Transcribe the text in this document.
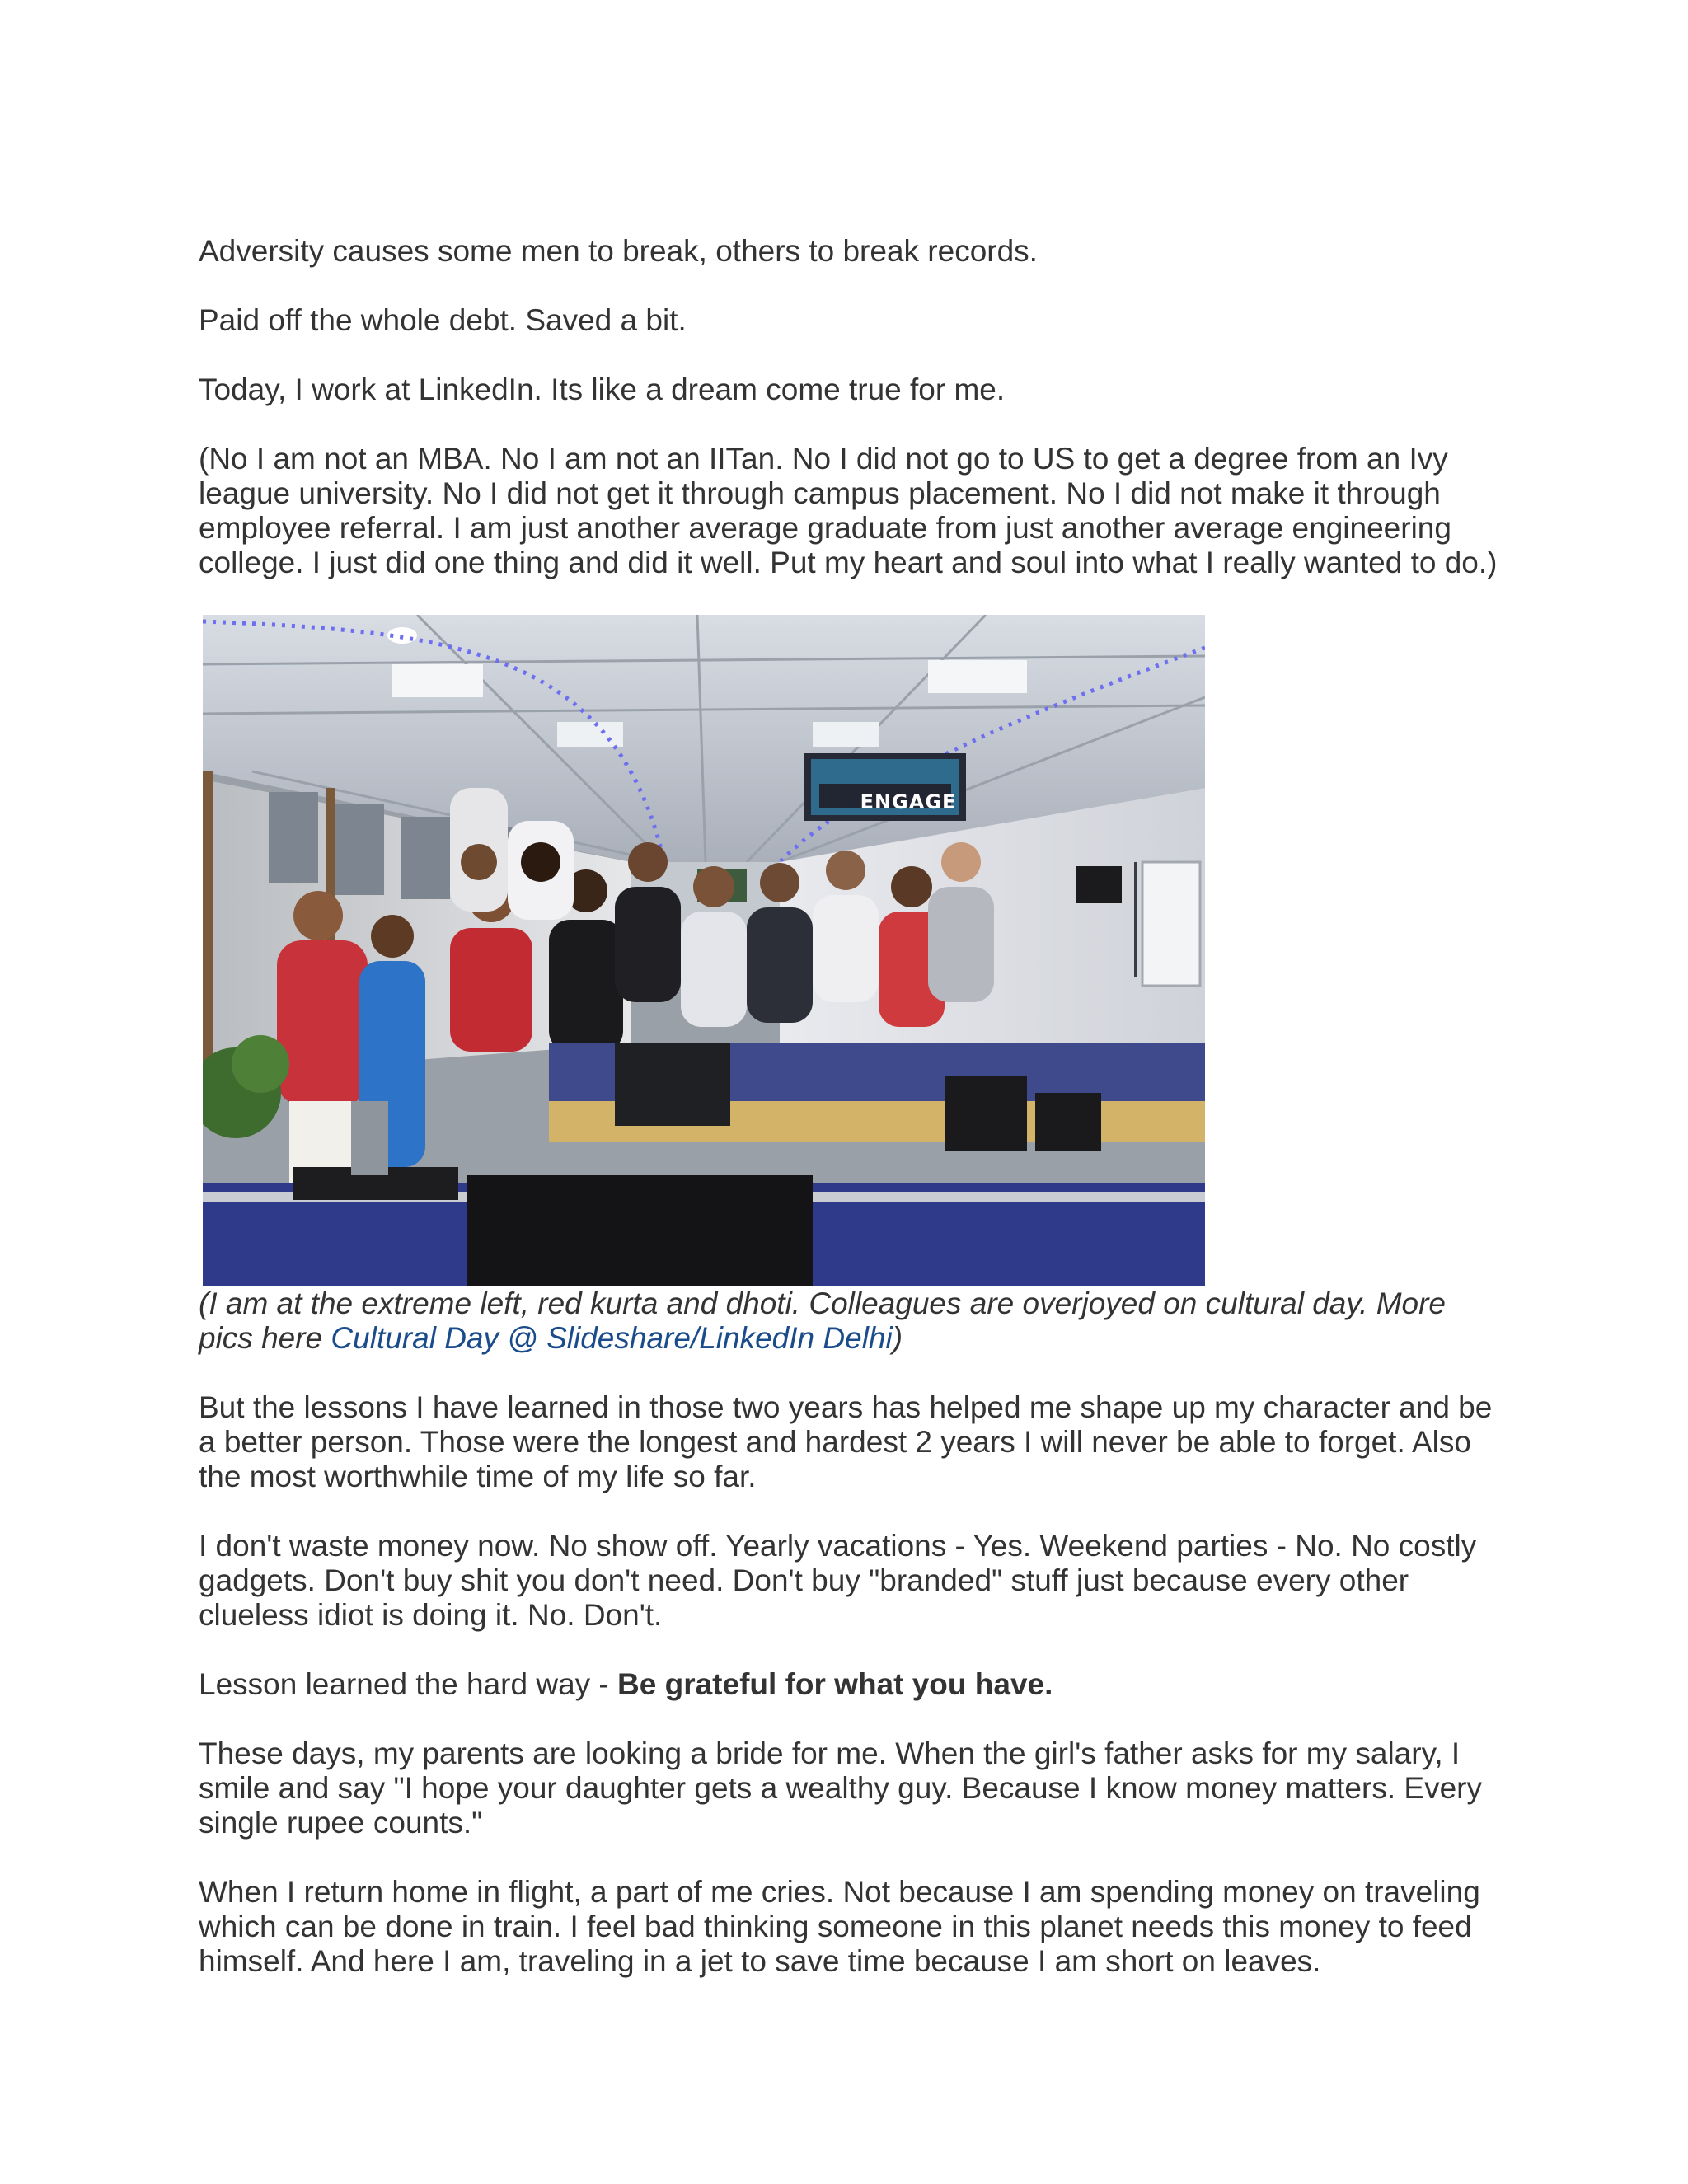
Adversity causes some men to break, others to break records.

Paid off the whole debt. Saved a bit.

Today, I work at LinkedIn. Its like a dream come true for me.

(No I am not an MBA. No I am not an IITan. No I did not go to US to get a degree from an Ivy league university. No I did not get it through campus placement. No I did not make it through employee referral. I am just another average graduate from just another average engineering college. I just did one thing and did it well. Put my heart and soul into what I really wanted to do.)

ENGAGE

(I am at the extreme left, red kurta and dhoti. Colleagues are overjoyed on cultural day. More pics here Cultural Day @ Slideshare/LinkedIn Delhi)

But the lessons I have learned in those two years has helped me shape up my character and be a better person. Those were the longest and hardest 2 years I will never be able to forget. Also the most worthwhile time of my life so far.

I don't waste money now. No show off. Yearly vacations - Yes. Weekend parties - No. No costly gadgets. Don't buy shit you don't need. Don't buy "branded" stuff just because every other clueless idiot is doing it. No. Don't.

Lesson learned the hard way - Be grateful for what you have.

These days, my parents are looking a bride for me. When the girl's father asks for my salary, I smile and say "I hope your daughter gets a wealthy guy. Because I know money matters. Every single rupee counts."

When I return home in flight, a part of me cries. Not because I am spending money on traveling which can be done in train. I feel bad thinking someone in this planet needs this money to feed himself. And here I am, traveling in a jet to save time because I am short on leaves.
